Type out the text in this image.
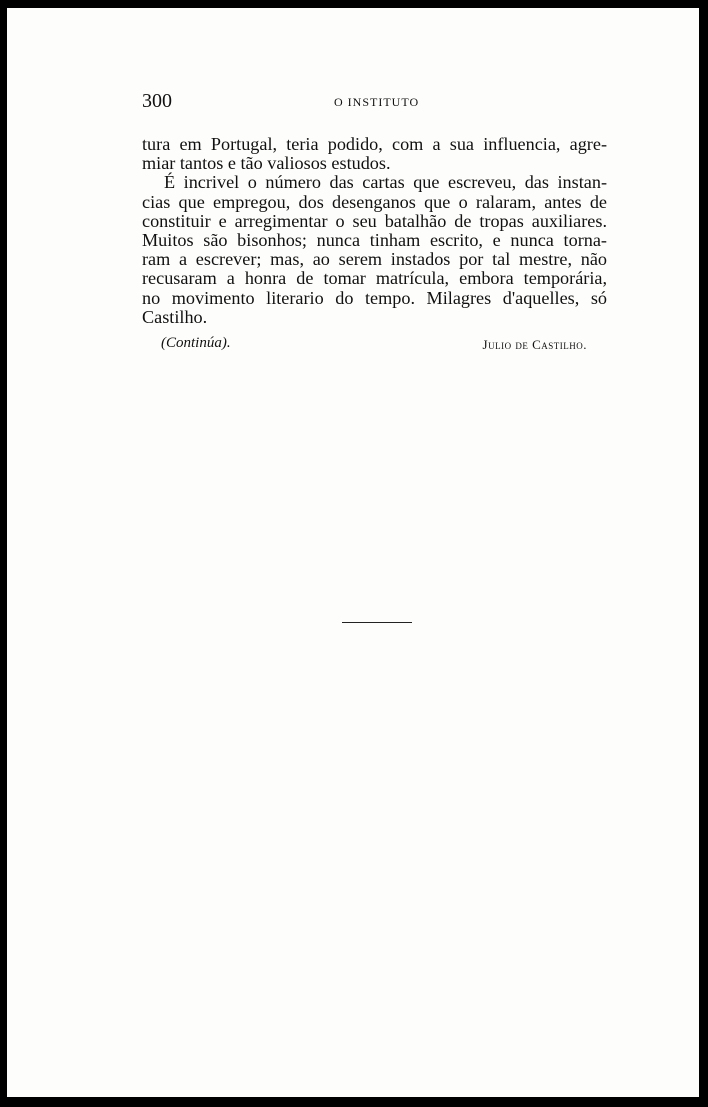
300	O INSTITUTO
tura em Portugal, teria podido, com a sua influencia, agre-
miar tantos e tão valiosos estudos.
É incrivel o número das cartas que escreveu, das instan-
cias que empregou, dos desenganos que o ralaram, antes de
constituir e arregimentar o seu batalhão de tropas auxiliares.
Muitos são bisonhos; nunca tinham escrito, e nunca torna-
ram a escrever; mas, ao serem instados por tal mestre, não
recusaram a honra de tomar matrícula, embora temporária,
no movimento literario do tempo. Milagres d'aquelles, só
Castilho.
(Continúa).	Julio de Castilho.
